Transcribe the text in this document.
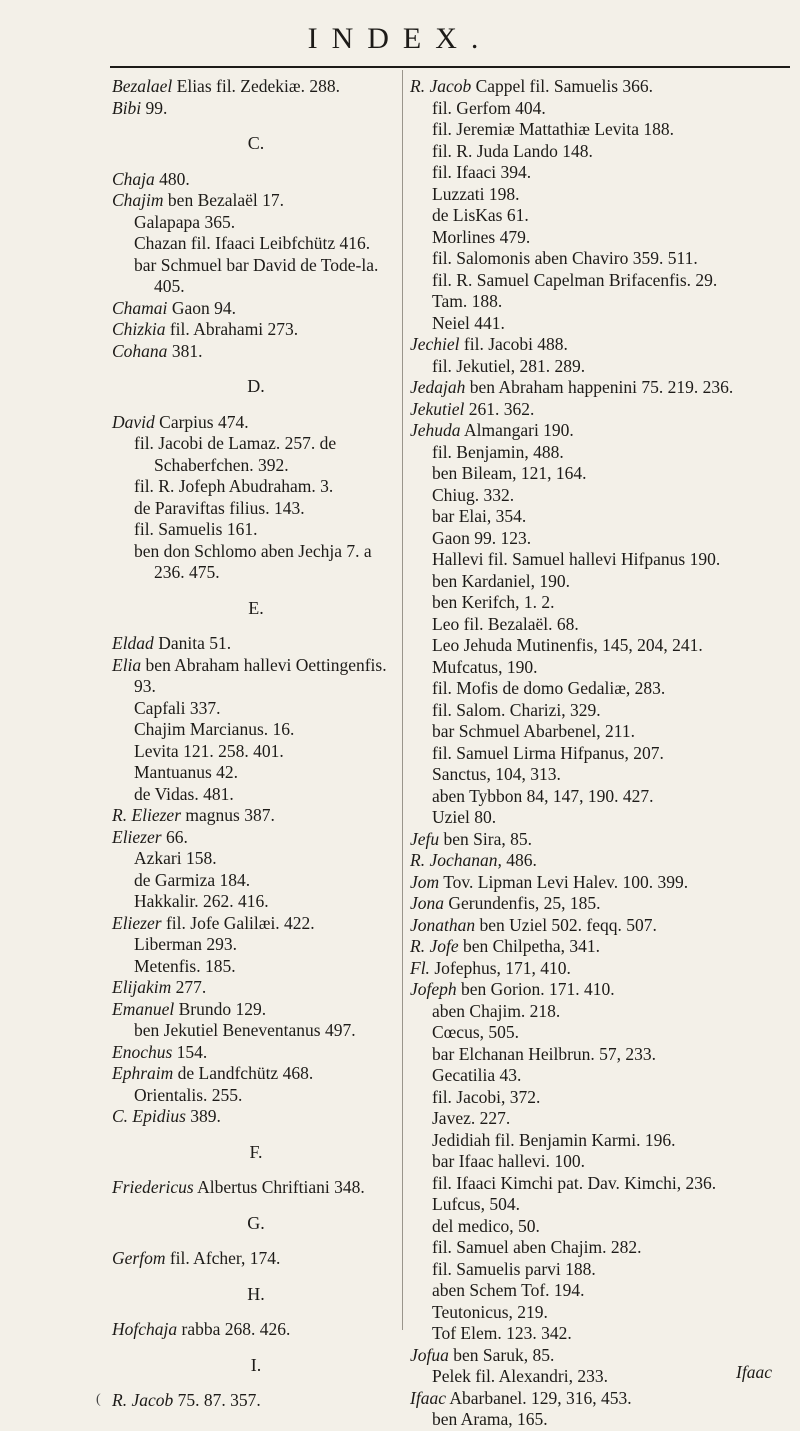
INDEX.

Bezalael Elias fil. Zedekiæ. 288.

Bibi 99.

C.

Chaja 480.

Chajim ben Bezalaël 17.

Galapapa 365.

Chazan fil. Ifaaci Leibfchütz 416.

bar Schmuel bar David de Tode-la. 405.

Chamai Gaon 94.

Chizkia fil. Abrahami 273.

Cohana 381.

D.

David Carpius 474.

fil. Jacobi de Lamaz. 257. de Schaberfchen. 392.

fil. R. Jofeph Abudraham. 3.

de Paraviftas filius. 143.

fil. Samuelis 161.

ben don Schlomo aben Jechja 7. a 236. 475.

E.

Eldad Danita 51.

Elia ben Abraham hallevi Oettingenfis. 93.

Capfali 337.

Chajim Marcianus. 16.

Levita 121. 258. 401.

Mantuanus 42.

de Vidas. 481.

R. Eliezer magnus 387.

Eliezer 66.

Azkari 158.

de Garmiza 184.

Hakkalir. 262. 416.

Eliezer fil. Jofe Galilæi. 422.

Liberman 293.

Metenfis. 185.

Elijakim 277.

Emanuel Brundo 129.

ben Jekutiel Beneventanus 497.

Enochus 154.

Ephraim de Landfchütz 468.

Orientalis. 255.

C. Epidius 389.

F.

Friedericus Albertus Chriftiani 348.

G.

Gerfom fil. Afcher, 174.

H.

Hofchaja rabba 268. 426.

I.

R. Jacob 75. 87. 357.

R. Jacob Cappel fil. Samuelis 366.

fil. Gerfom 404.

fil. Jeremiæ Mattathiæ Levita 188.

fil. R. Juda Lando 148.

fil. Ifaaci 394.

Luzzati 198.

de LisKas 61.

Morlines 479.

fil. Salomonis aben Chaviro 359. 511.

fil. R. Samuel Capelman Brifacenfis. 29.

Tam. 188.

Neiel 441.

Jechiel fil. Jacobi 488.

fil. Jekutiel, 281. 289.

Jedajah ben Abraham happenini 75. 219. 236.

Jekutiel 261. 362.

Jehuda Almangari 190.

fil. Benjamin, 488.

ben Bileam, 121, 164.

Chiug. 332.

bar Elai, 354.

Gaon 99. 123.

Hallevi fil. Samuel hallevi Hifpanus 190.

ben Kardaniel, 190.

ben Kerifch, 1. 2.

Leo fil. Bezalaël. 68.

Leo Jehuda Mutinenfis, 145, 204, 241.

Mufcatus, 190.

fil. Mofis de domo Gedaliæ, 283.

fil. Salom. Charizi, 329.

bar Schmuel Abarbenel, 211.

fil. Samuel Lirma Hifpanus, 207.

Sanctus, 104, 313.

aben Tybbon 84, 147, 190. 427.

Uziel 80.

Jefu ben Sira, 85.

R. Jochanan, 486.

Jom Tov. Lipman Levi Halev. 100. 399.

Jona Gerundenfis, 25, 185.

Jonathan ben Uziel 502. feqq. 507.

R. Jofe ben Chilpetha, 341.

Fl. Jofephus, 171, 410.

Jofeph ben Gorion. 171. 410.

aben Chajim. 218.

Cœcus, 505.

bar Elchanan Heilbrun. 57, 233.

Gecatilia 43.

fil. Jacobi, 372.

Javez. 227.

Jedidiah fil. Benjamin Karmi. 196.

bar Ifaac hallevi. 100.

fil. Ifaaci Kimchi pat. Dav. Kimchi, 236.

Lufcus, 504.

del medico, 50.

fil. Samuel aben Chajim. 282.

fil. Samuelis parvi 188.

aben Schem Tof. 194.

Teutonicus, 219.

Tof Elem. 123. 342.

Jofua ben Saruk, 85.

Pelek fil. Alexandri, 233.

Ifaac Abarbanel. 129, 316, 453.

ben Arama, 165.

Ifaac
(
